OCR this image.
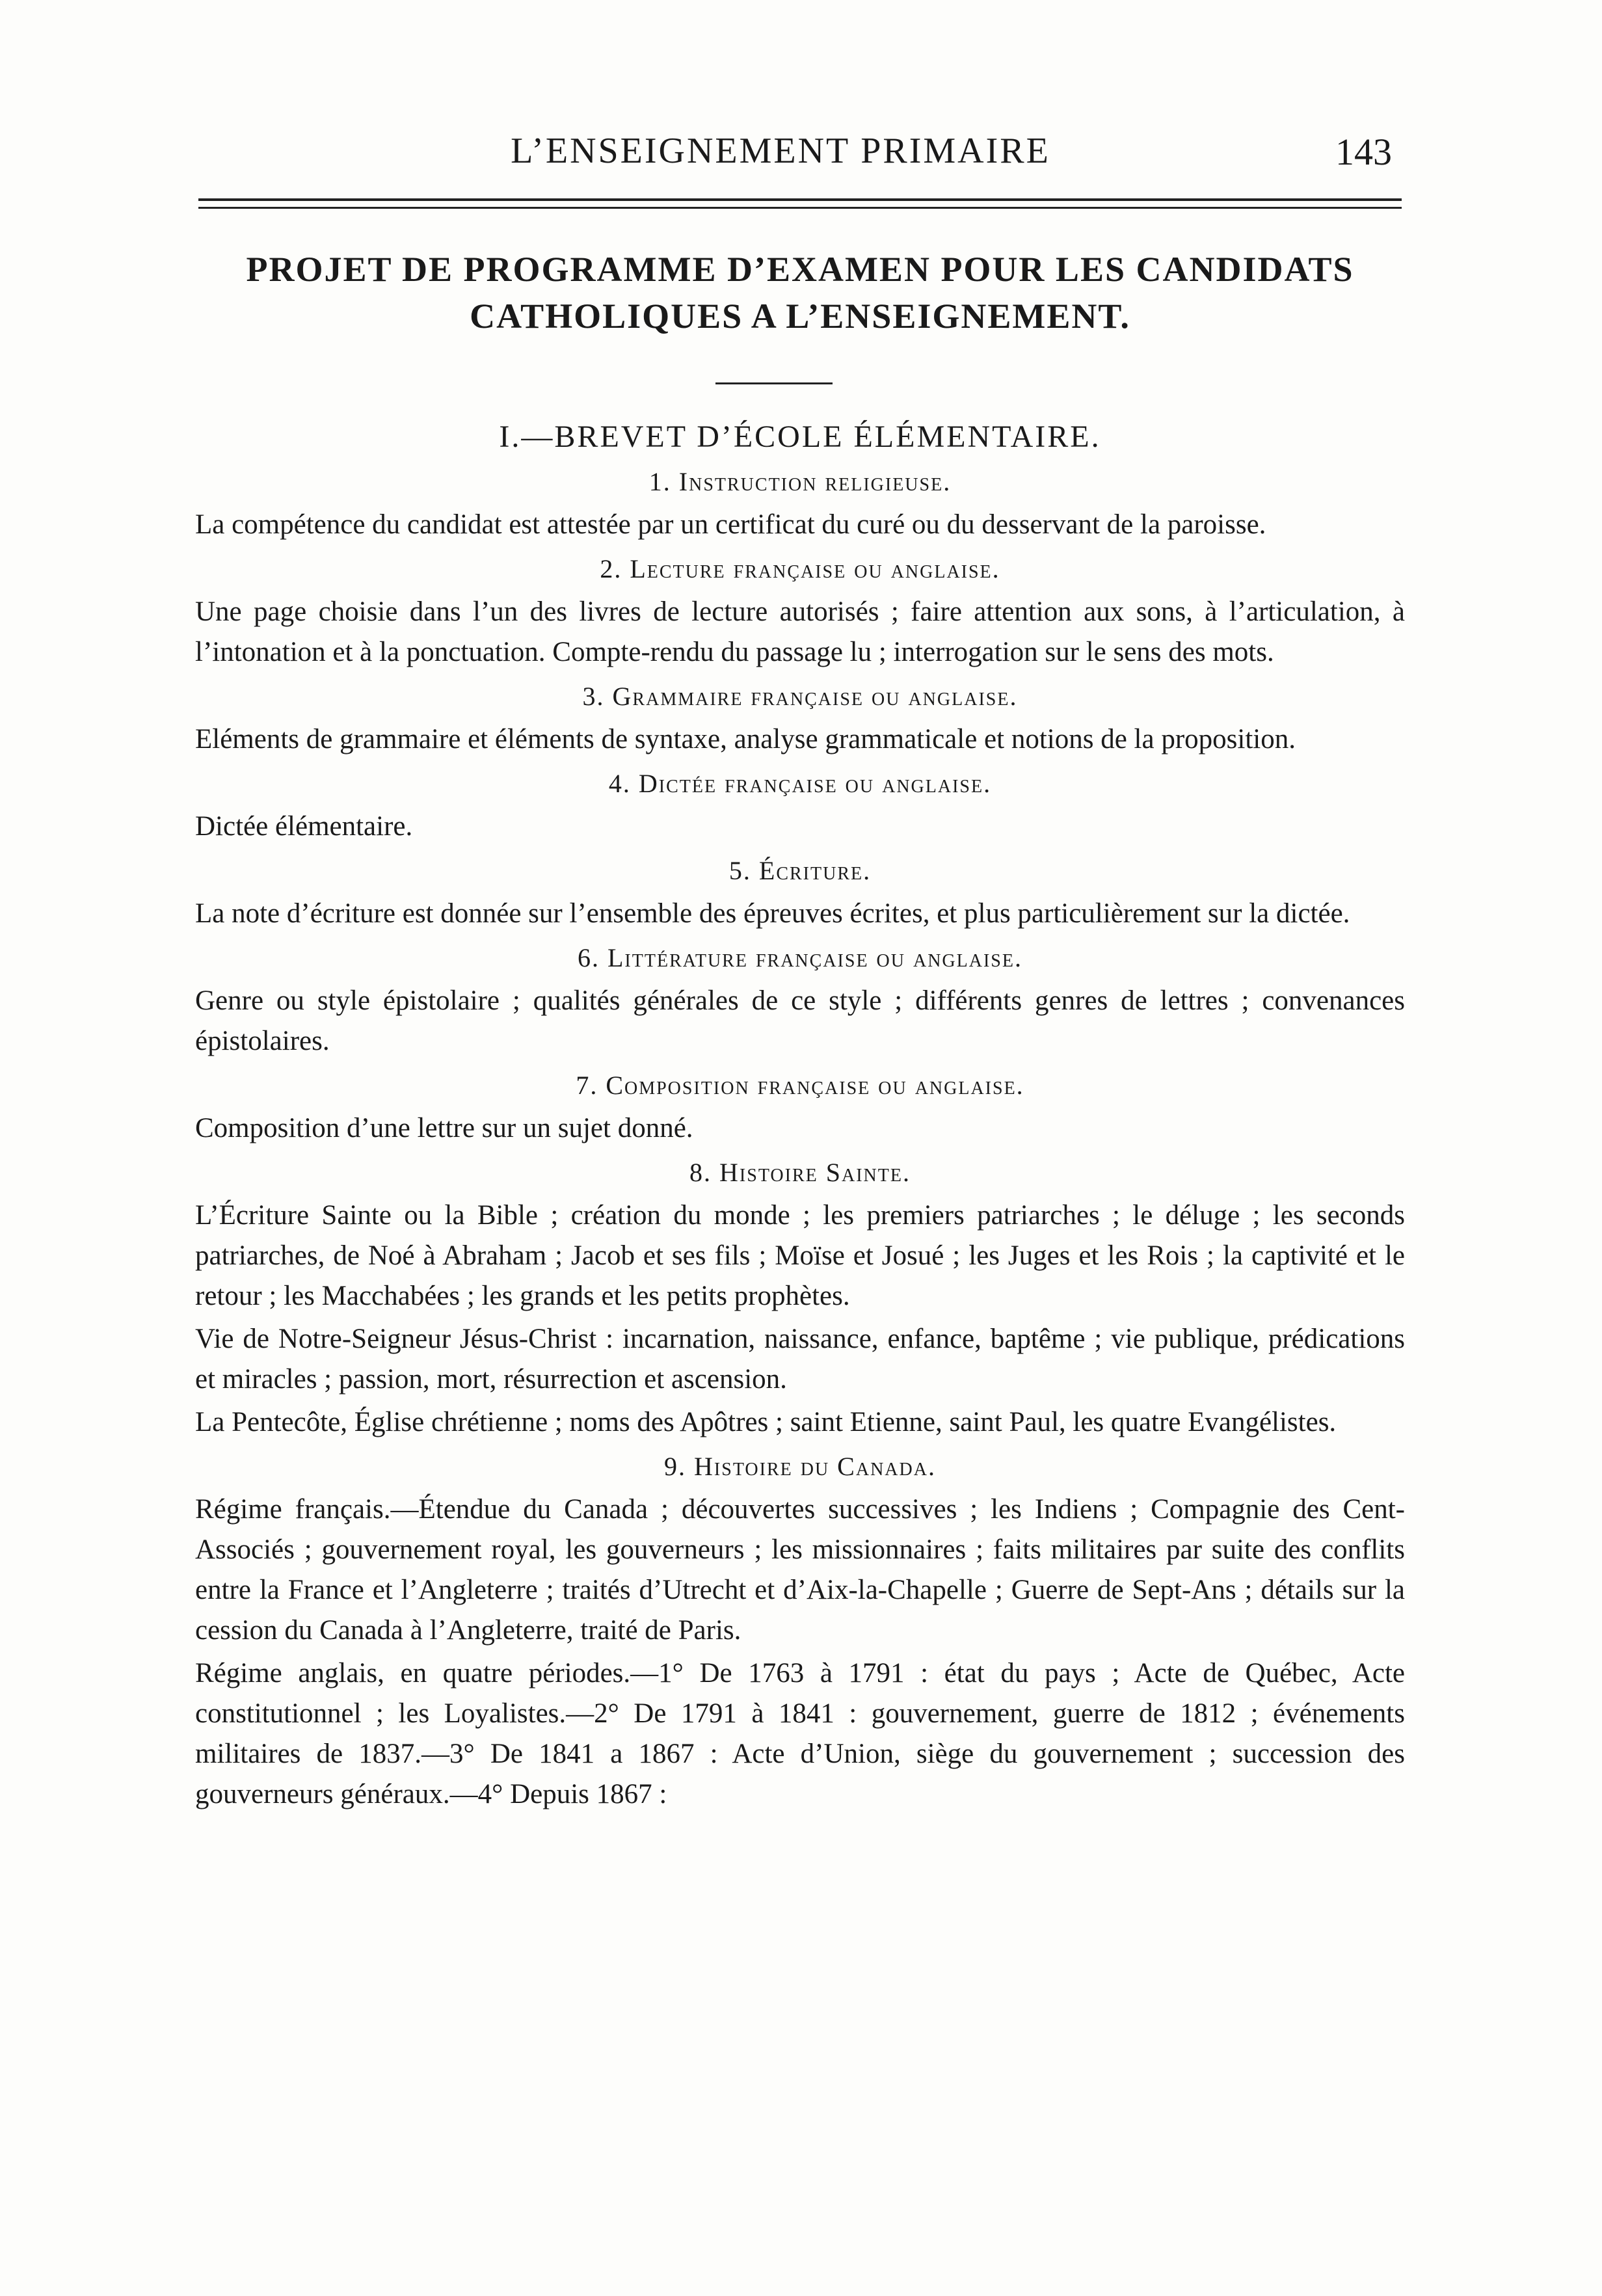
L’ENSEIGNEMENT PRIMAIRE	143
PROJET DE PROGRAMME D’EXAMEN POUR LES CANDIDATS
CATHOLIQUES A L’ENSEIGNEMENT.
I.—BREVET D’ÉCOLE ÉLÉMENTAIRE.
1. Instruction religieuse.

La compétence du candidat est attestée par un certificat du curé ou du desservant de la paroisse.

2. Lecture française ou anglaise.

Une page choisie dans l’un des livres de lecture autorisés ; faire attention aux sons, à l’articulation, à l’intonation et à la ponctuation. Compte-rendu du passage lu ; interrogation sur le sens des mots.

3. Grammaire française ou anglaise.

Eléments de grammaire et éléments de syntaxe, analyse grammaticale et notions de la proposition.

4. Dictée française ou anglaise.

Dictée élémentaire.

5. Écriture.

La note d’écriture est donnée sur l’ensemble des épreuves écrites, et plus particulièrement sur la dictée.

6. Littérature française ou anglaise.

Genre ou style épistolaire ; qualités générales de ce style ; différents genres de lettres ; convenances épistolaires.

7. Composition française ou anglaise.

Composition d’une lettre sur un sujet donné.

8. Histoire Sainte.

L’Écriture Sainte ou la Bible ; création du monde ; les premiers patriarches ; le déluge ; les seconds patriarches, de Noé à Abraham ; Jacob et ses fils ; Moïse et Josué ; les Juges et les Rois ; la captivité et le retour ; les Macchabées ; les grands et les petits prophètes.

Vie de Notre-Seigneur Jésus-Christ : incarnation, naissance, enfance, baptême ; vie publique, prédications et miracles ; passion, mort, résurrection et ascension.

La Pentecôte, Église chrétienne ; noms des Apôtres ; saint Etienne, saint Paul, les quatre Evangélistes.

9. Histoire du Canada.

Régime français.—Étendue du Canada ; découvertes successives ; les Indiens ; Compagnie des Cent-Associés ; gouvernement royal, les gouverneurs ; les missionnaires ; faits militaires par suite des conflits entre la France et l’Angleterre ; traités d’Utrecht et d’Aix-la-Chapelle ; Guerre de Sept-Ans ; détails sur la cession du Canada à l’Angleterre, traité de Paris.

Régime anglais, en quatre périodes.—1° De 1763 à 1791 : état du pays ; Acte de Québec, Acte constitutionnel ; les Loyalistes.—2° De 1791 à 1841 : gouvernement, guerre de 1812 ; événements militaires de 1837.—3° De 1841 a 1867 : Acte d’Union, siège du gouvernement ; succession des gouverneurs généraux.—4° Depuis 1867 :
